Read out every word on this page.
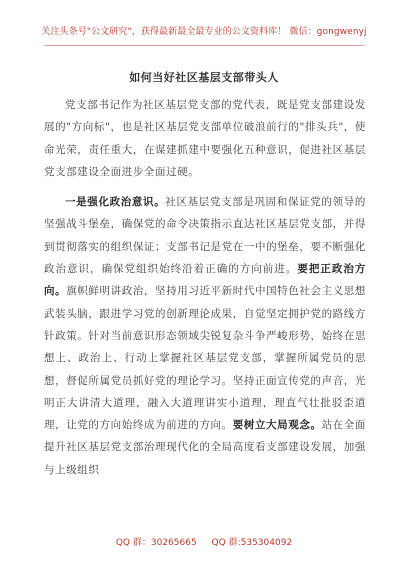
关注头条号"公文研究"，获得最新最全最专业的公文资料库！ 微信：gongwenyj
如何当好社区基层支部带头人

党支部书记作为社区基层党支部的党代表，既是党支部建设发展的"方向标"，也是社区基层党支部单位破浪前行的"排头兵"，使命光荣，责任重大，在谋建抓建中要强化五种意识，促进社区基层党支部建设全面进步全面过硬。

一是强化政治意识。社区基层党支部是巩固和保证党的领导的坚强战斗堡垒，确保党的命令决策指示直达社区基层党支部，并得到贯彻落实的组织保证；支部书记是党在一中的堡垒，要不断强化政治意识，确保党组织始终沿着正确的方向前进。要把正政治方向。旗帜鲜明讲政治，坚持用习近平新时代中国特色社会主义思想武装头脑，跟进学习党的创新理论成果，自觉坚定拥护党的路线方针政策。针对当前意识形态领域尖锐复杂斗争严峻形势，始终在思想上、政治上、行动上掌握社区基层党支部，掌握所属党员的思想，督促所属党员抓好党的理论学习。坚持正面宣传党的声音，光明正大讲清大道理，融入大道理讲实小道理，理直气壮批驳歪道理，让党的方向始终成为前进的方向。要树立大局观念。站在全面提升社区基层党支部治理现代化的全局高度看支部建设发展，加强与上级组织

QQ 群：30265665 QQ 群:535304092
